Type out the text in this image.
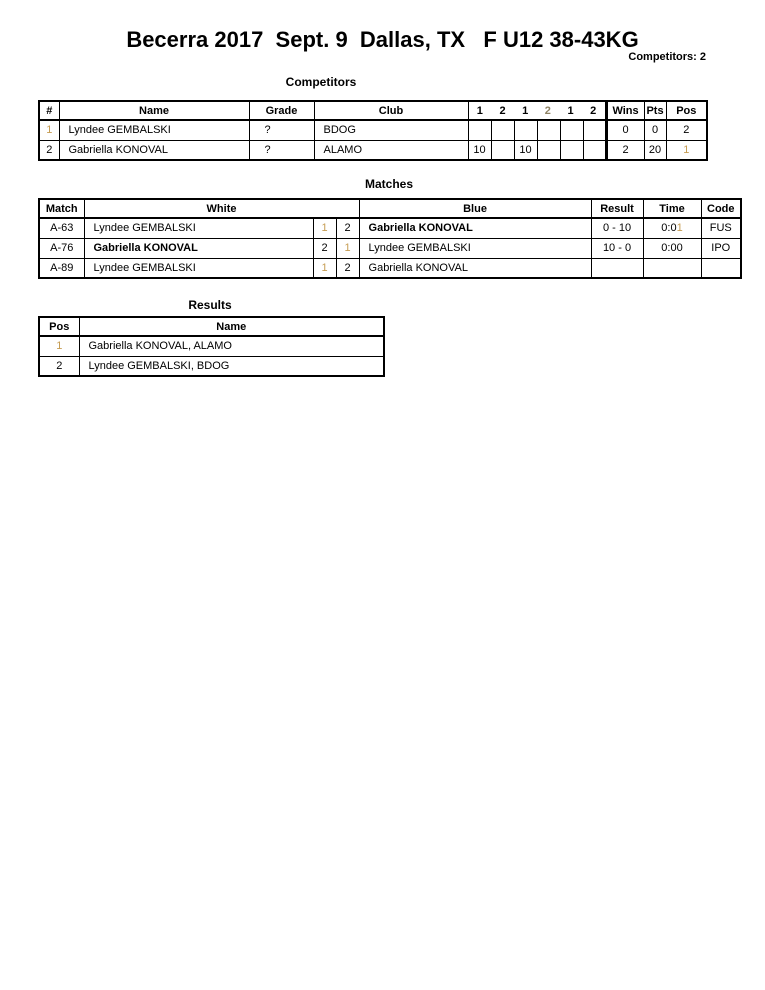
Becerra 2017  Sept. 9  Dallas, TX   F U12 38-43KG
Competitors: 2
Competitors
#	Name	Grade	Club	1	2	1	2	1	2	Wins	Pts	Pos
1	Lyndee GEMBALSKI	?	BDOG							0	0	2
2	Gabriella KONOVAL	?	ALAMO	10		10				2	20	1
Matches
Match	White			Blue	Result	Time	Code
A-63	Lyndee GEMBALSKI	1	2	Gabriella KONOVAL	0 - 10	0:01	FUS
A-76	Gabriella KONOVAL	2	1	Lyndee GEMBALSKI	10 - 0	0:00	IPO
A-89	Lyndee GEMBALSKI	1	2	Gabriella KONOVAL			
Results
Pos	Name
1	Gabriella KONOVAL, ALAMO
2	Lyndee GEMBALSKI, BDOG
